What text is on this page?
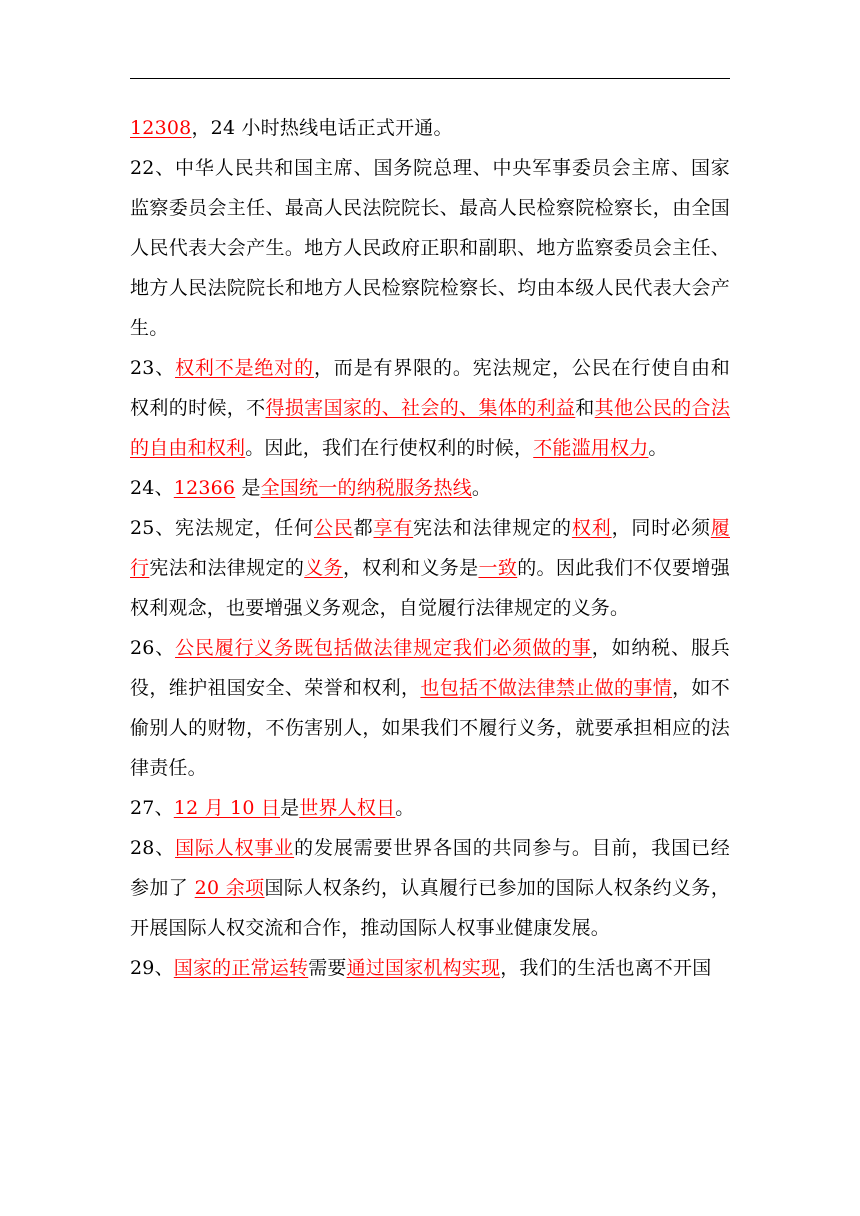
12308，24 小时热线电话正式开通。

22、中华人民共和国主席、国务院总理、中央军事委员会主席、国家监察委员会主任、最高人民法院院长、最高人民检察院检察长，由全国人民代表大会产生。地方人民政府正职和副职、地方监察委员会主任、地方人民法院院长和地方人民检察院检察长、均由本级人民代表大会产生。

23、权利不是绝对的，而是有界限的。宪法规定，公民在行使自由和权利的时候，不得损害国家的、社会的、集体的利益和其他公民的合法的自由和权利。因此，我们在行使权利的时候，不能滥用权力。

24、12366 是全国统一的纳税服务热线。

25、宪法规定，任何公民都享有宪法和法律规定的权利，同时必须履行宪法和法律规定的义务，权利和义务是一致的。因此我们不仅要增强权利观念，也要增强义务观念，自觉履行法律规定的义务。

26、公民履行义务既包括做法律规定我们必须做的事，如纳税、服兵役，维护祖国安全、荣誉和权利，也包括不做法律禁止做的事情，如不偷别人的财物，不伤害别人，如果我们不履行义务，就要承担相应的法律责任。

27、12 月 10 日是世界人权日。

28、国际人权事业的发展需要世界各国的共同参与。目前，我国已经参加了 20 余项国际人权条约，认真履行已参加的国际人权条约义务，开展国际人权交流和合作，推动国际人权事业健康发展。

29、国家的正常运转需要通过国家机构实现，我们的生活也离不开国
